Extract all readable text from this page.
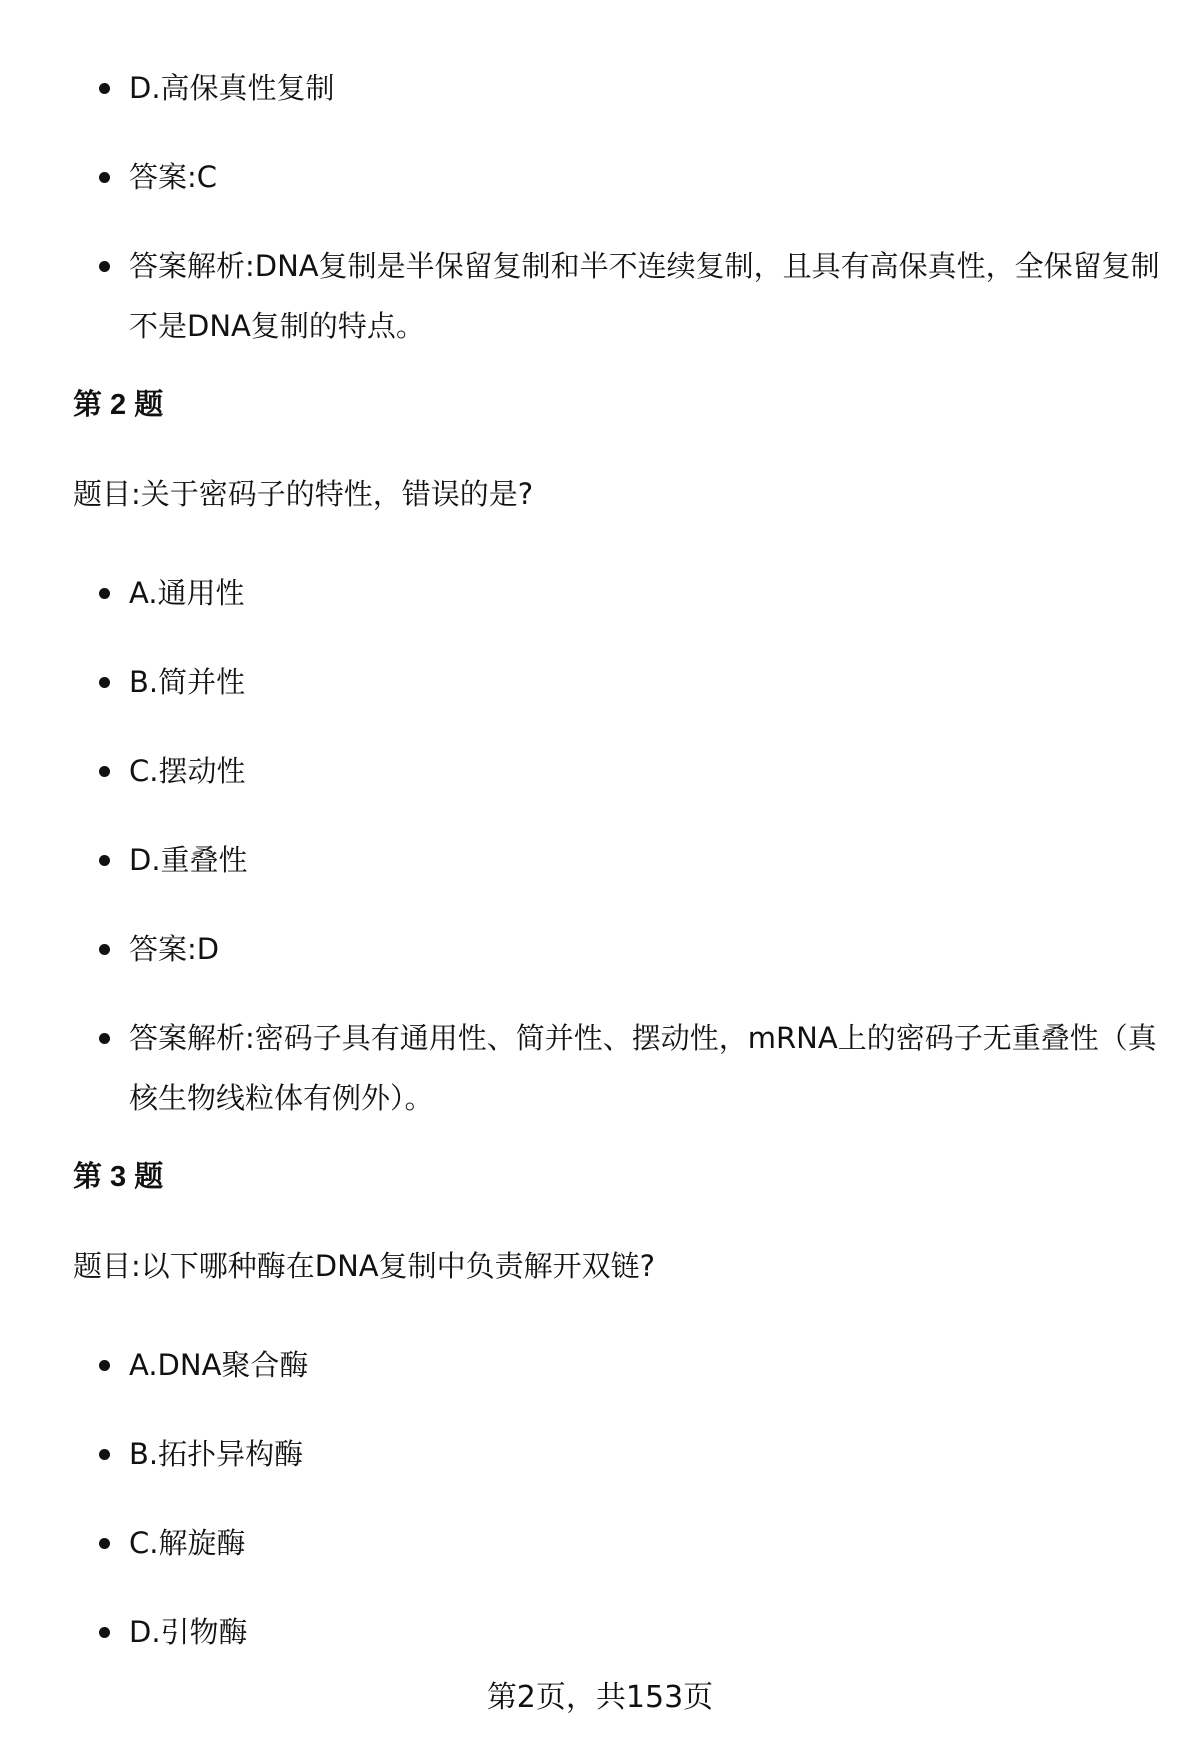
D.高保真性复制
答案:C
答案解析:DNA复制是半保留复制和半不连续复制，且具有高保真性，全保留复制不是DNA复制的特点。
第 2 题
题目:关于密码子的特性，错误的是?
A.通用性
B.简并性
C.摆动性
D.重叠性
答案:D
答案解析:密码子具有通用性、简并性、摆动性，mRNA上的密码子无重叠性（真核生物线粒体有例外）。
第 3 题
题目:以下哪种酶在DNA复制中负责解开双链?
A.DNA聚合酶
B.拓扑异构酶
C.解旋酶
D.引物酶
第2页，共153页
